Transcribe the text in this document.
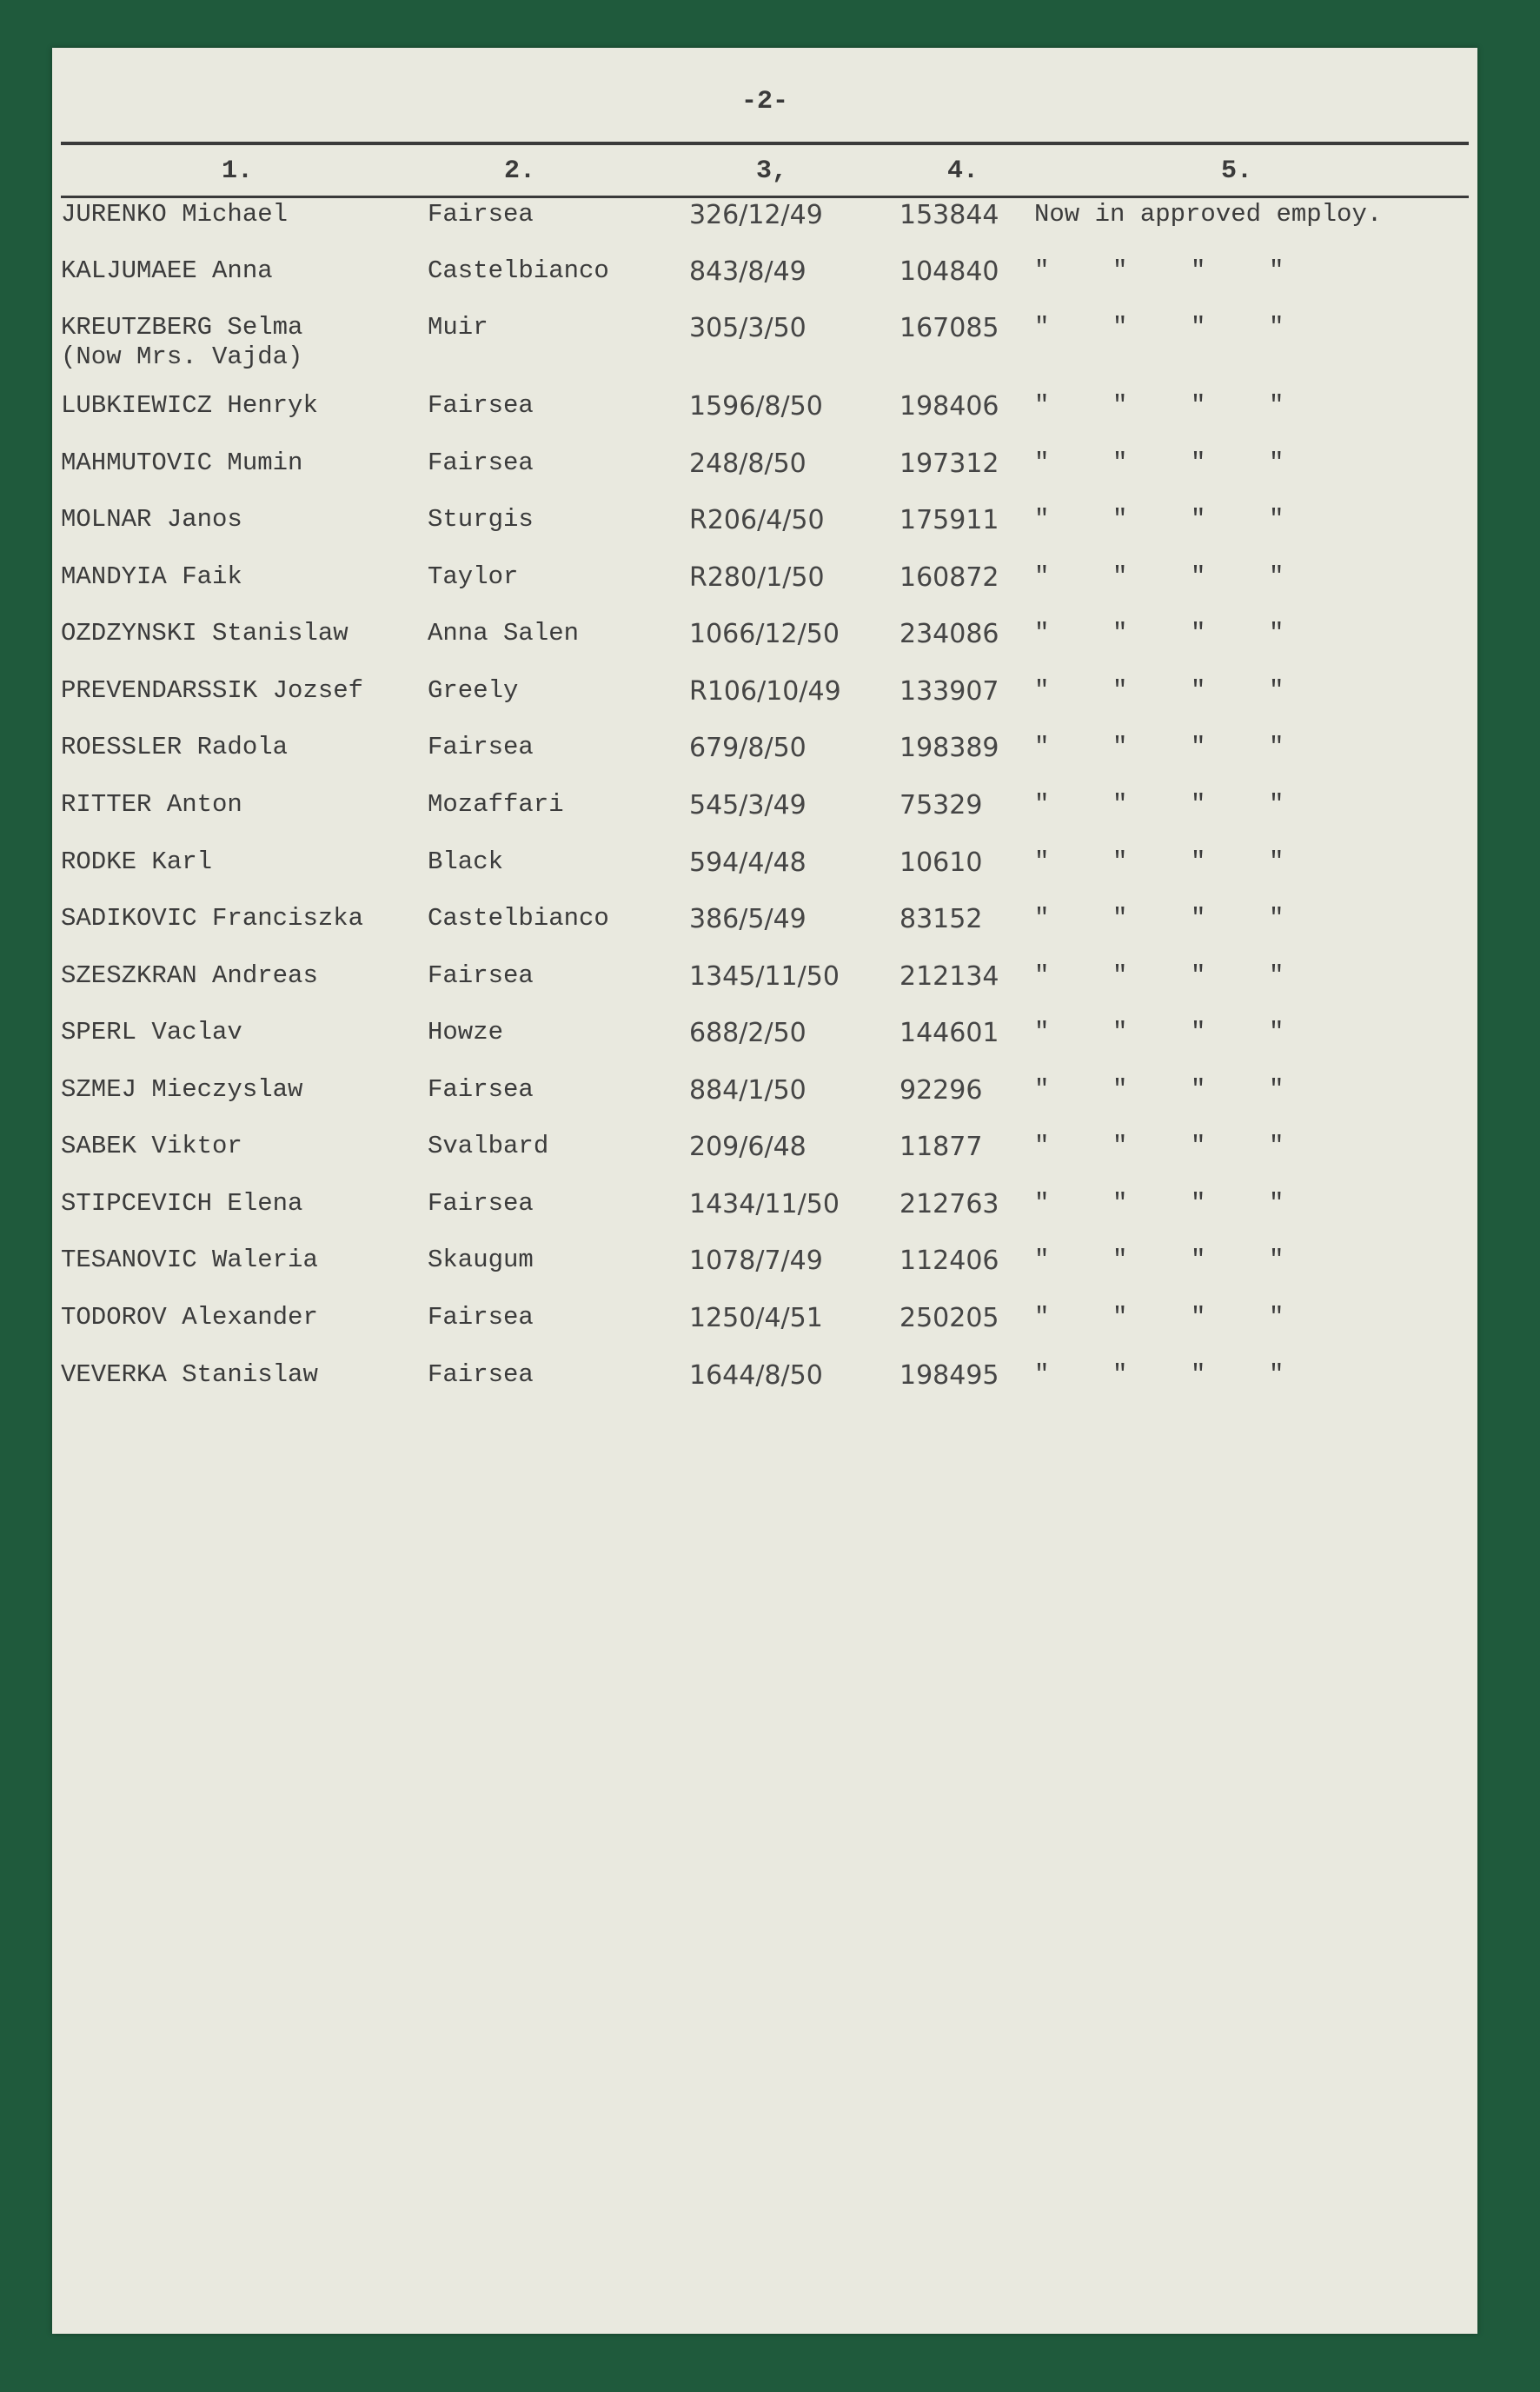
-2-
1.	2.	3,	4.	5.
JURENKO Michael	Fairsea	326/12/49	153844 Now in approved employ.
KALJUMAEE Anna	Castelbianco	843/8/49	104840 "	"	"	"
KREUTZBERG Selma
(Now Mrs. Vajda)
Muir	305/3/50	167085 "	"	"	"
LUBKIEWICZ Henryk	Fairsea	1596/8/50	198406 "	"	"	"
MAHMUTOVIC Mumin	Fairsea	248/8/50	197312 "	"	"	"
MOLNAR Janos	Sturgis	R206/4/50	175911 "	"	"	"
MANDYIA Faik	Taylor	R280/1/50	160872 "	"	"	"
OZDZYNSKI Stanislaw	Anna Salen	1066/12/50 234086 "	"	"	"
PREVENDARSSIK Jozsef	Greely	R106/10/49 133907 "	"	"	"
ROESSLER Radola	Fairsea	679/8/50	198389 "	"	"	"
RITTER Anton	Mozaffari	545/3/49	75329 "	"	"	"
RODKE Karl	Black	594/4/48	10610 "	"	"	"
SADIKOVIC Franciszka	Castelbianco	386/5/49	83152 "	"	"	"
SZESZKRAN Andreas	Fairsea	1345/11/50 212134 "	"	"	"
SPERL Vaclav	Howze	688/2/50	144601 "	"	"	"
SZMEJ Mieczyslaw	Fairsea	884/1/50	92296 "	"	"	"
SABEK Viktor	Svalbard	209/6/48	11877 "	"	"	"
STIPCEVICH Elena	Fairsea	1434/11/50 212763 "	"	"	"
TESANOVIC Waleria	Skaugum	1078/7/49	112406 "	"	"	"
TODOROV Alexander	Fairsea	1250/4/51	250205 "	"	"	"
VEVERKA Stanislaw	Fairsea	1644/8/50	198495 "	"	"	"
